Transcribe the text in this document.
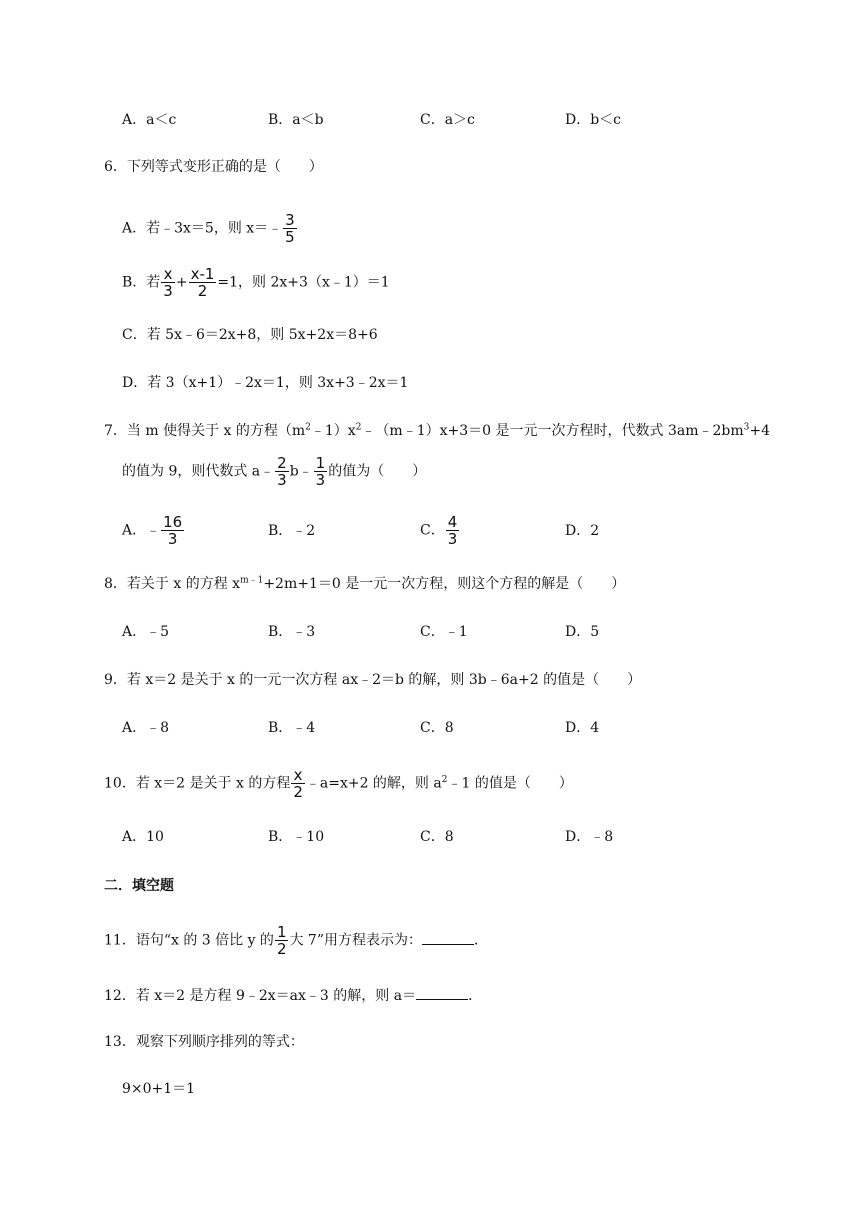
A．a＜c	B．a＜b	C．a＞c	D．b＜c
6．下列等式变形正确的是（　　）
A．若﹣3x＝5，则 x＝﹣ $\frac{3}{5}$
B．若 $\frac{x}{3} + \frac{x-1}{2} =1$，则 2x+3（x﹣1）＝1
C．若 5x﹣6＝2x+8，则 5x+2x＝8+6
D．若 3（x+1）﹣2x＝1，则 3x+3﹣2x＝1
7．当 m 使得关于 x 的方程$(m^2﹣1)x^2﹣(m﹣1)x+3=0$ 是一元一次方程时，代数式 $3am﹣2bm^3+4$
的值为 9，则代数式 a﹣ $\frac{2}{3}$ b﹣ $\frac{1}{3}$ 的值为（　　）
A．﹣ $\frac{16}{3}$	B．﹣2	C． $\frac{4}{3}$	D．2
8．若关于 x 的方程 $x^{m﹣1}+2m+1=0$ 是一元一次方程，则这个方程的解是（　　）
A．﹣5	B．﹣3	C．﹣1	D．5
9．若 x＝2 是关于 x 的一元一次方程 ax﹣2＝b 的解，则 3b﹣6a+2 的值是（　　）
A．﹣8	B．﹣4	C．8	D．4
10．若 x＝2 是关于 x 的方程 $\frac{x}{2}$ ﹣a=x+2 的解，则 $a^2﹣1$ 的值是（　　）
A．10	B．﹣10	C．8	D．﹣8
二．填空题
11．语句“x 的 3 倍比 y 的 $\frac{1}{2}$ 大 7”用方程表示为：	．
12．若 x＝2 是方程 9﹣2x＝ax﹣3 的解，则 a＝	．
13．观察下列顺序排列的等式：
9×0+1＝1
